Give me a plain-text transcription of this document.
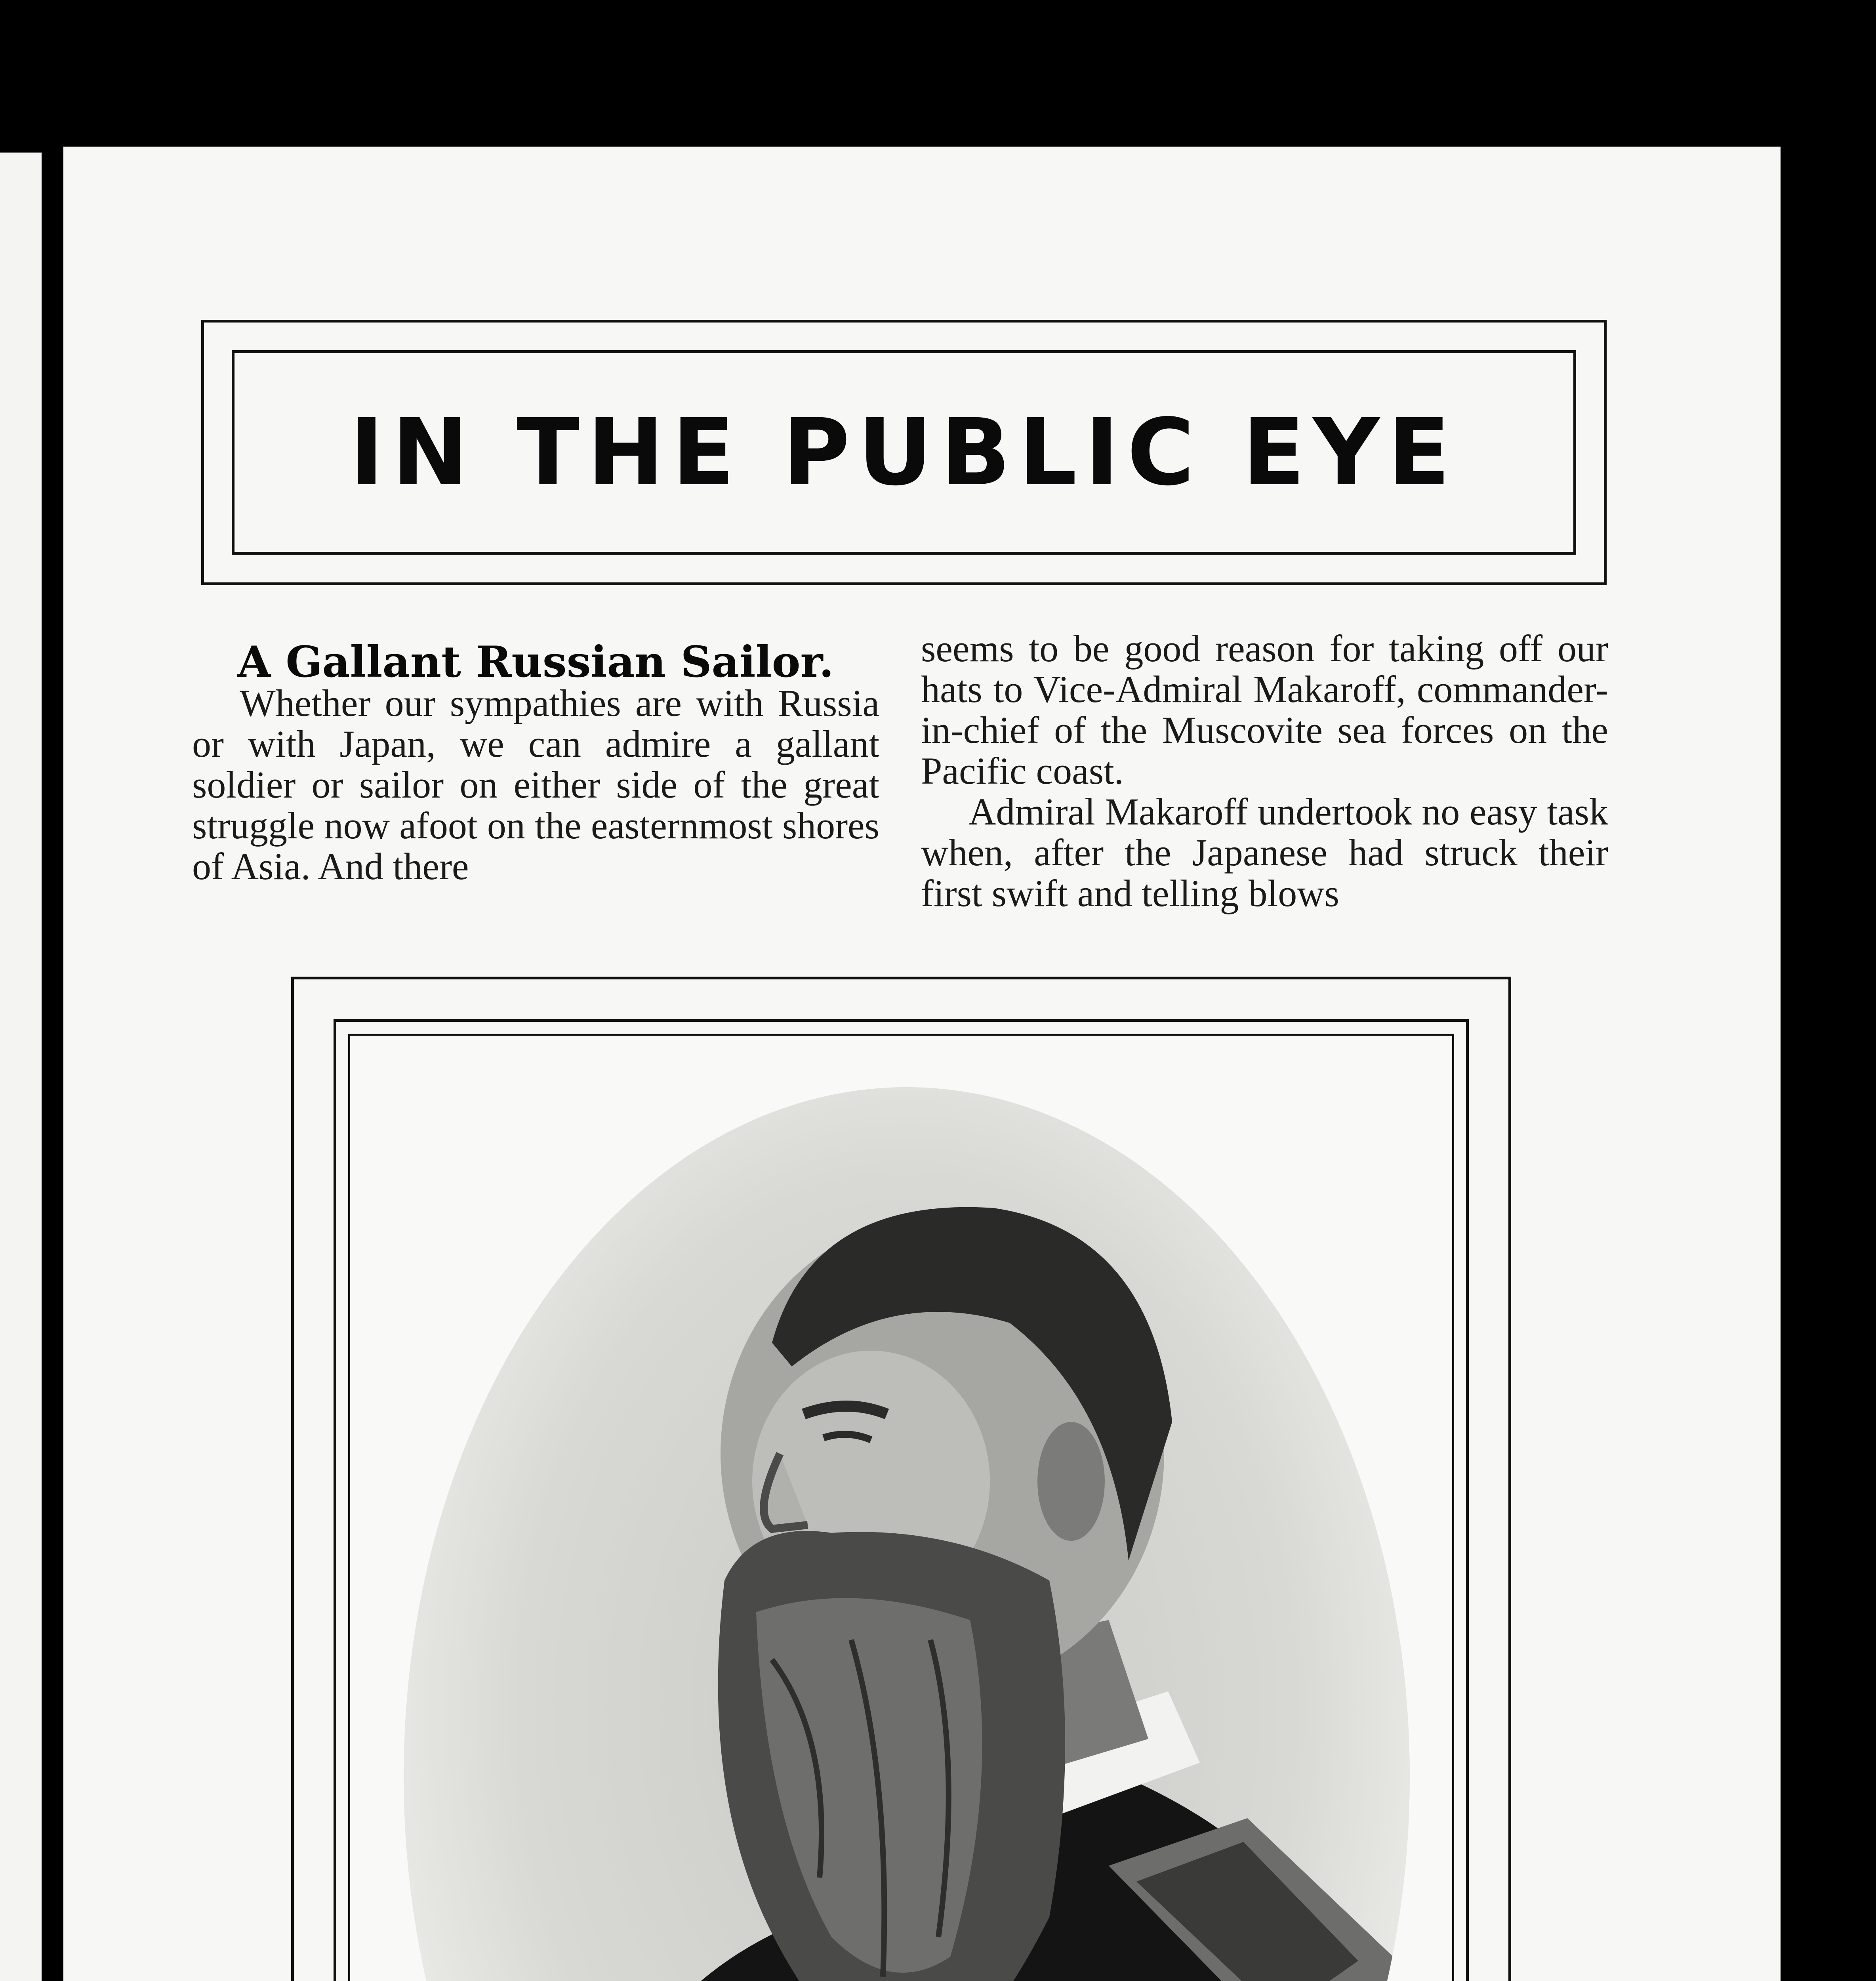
IN THE PUBLIC EYE

A Gallant Russian Sailor.

Whether our sympathies are with Russia or with Japan, we can admire a gallant soldier or sailor on either side of the great struggle now afoot on the easternmost shores of Asia. And there

seems to be good reason for taking off our hats to Vice-Admiral Makaroff, commander-in-chief of the Muscovite sea forces on the Pacific coast.

Admiral Makaroff undertook no easy task when, after the Japanese had struck their first swift and telling blows
